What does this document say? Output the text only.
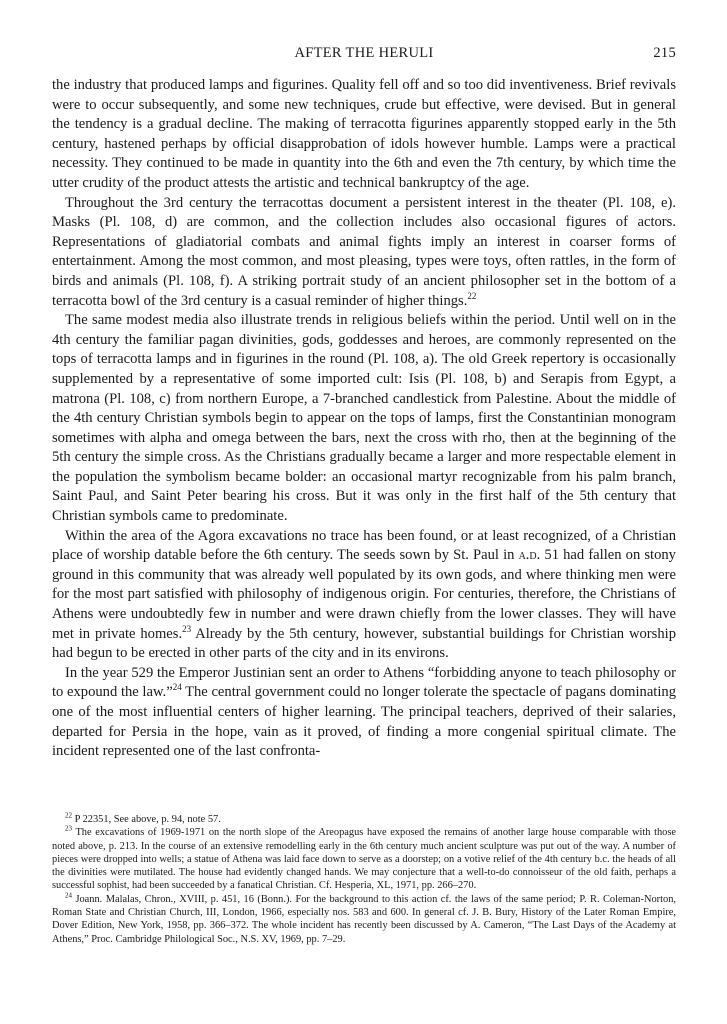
AFTER THE HERULI	215

the industry that produced lamps and figurines. Quality fell off and so too did inventiveness. Brief revivals were to occur subsequently, and some new techniques, crude but effective, were devised. But in general the tendency is a gradual decline. The making of terracotta figurines apparently stopped early in the 5th century, hastened perhaps by official disapprobation of idols however humble. Lamps were a practical necessity. They continued to be made in quantity into the 6th and even the 7th century, by which time the utter crudity of the product attests the artistic and technical bankruptcy of the age.

Throughout the 3rd century the terracottas document a persistent interest in the theater (Pl. 108, e). Masks (Pl. 108, d) are common, and the collection includes also occasional figures of actors. Representations of gladiatorial combats and animal fights imply an interest in coarser forms of entertainment. Among the most common, and most pleasing, types were toys, often rattles, in the form of birds and animals (Pl. 108, f). A striking portrait study of an ancient philosopher set in the bottom of a terracotta bowl of the 3rd century is a casual reminder of higher things.$^{22}$

The same modest media also illustrate trends in religious beliefs within the period. Until well on in the 4th century the familiar pagan divinities, gods, goddesses and heroes, are commonly represented on the tops of terracotta lamps and in figurines in the round (Pl. 108, a). The old Greek repertory is occasionally supplemented by a representative of some imported cult: Isis (Pl. 108, b) and Serapis from Egypt, a matrona (Pl. 108, c) from northern Europe, a 7-branched candlestick from Palestine. About the middle of the 4th century Christian symbols begin to appear on the tops of lamps, first the Constantinian monogram sometimes with alpha and omega between the bars, next the cross with rho, then at the beginning of the 5th century the simple cross. As the Christians gradually became a larger and more respectable element in the population the symbolism became bolder: an occasional martyr recognizable from his palm branch, Saint Paul, and Saint Peter bearing his cross. But it was only in the first half of the 5th century that Christian symbols came to predominate.

Within the area of the Agora excavations no trace has been found, or at least recognized, of a Christian place of worship datable before the 6th century. The seeds sown by St. Paul in a.d. 51 had fallen on stony ground in this community that was already well populated by its own gods, and where thinking men were for the most part satisfied with philosophy of indigenous origin. For centuries, therefore, the Christians of Athens were undoubtedly few in number and were drawn chiefly from the lower classes. They will have met in private homes.$^{23}$ Already by the 5th century, however, substantial buildings for Christian worship had begun to be erected in other parts of the city and in its environs.

In the year 529 the Emperor Justinian sent an order to Athens “forbidding anyone to teach philosophy or to expound the law.”$^{24}$ The central government could no longer tolerate the spectacle of pagans dominating one of the most influential centers of higher learning. The principal teachers, deprived of their salaries, departed for Persia in the hope, vain as it proved, of finding a more congenial spiritual climate. The incident represented one of the last confronta-

$^{22}$ P 22351, See above, p. 94, note 57.

$^{23}$ The excavations of 1969-1971 on the north slope of the Areopagus have exposed the remains of another large house comparable with those noted above, p. 213. In the course of an extensive remodelling early in the 6th century much ancient sculpture was put out of the way. A number of pieces were dropped into wells; a statue of Athena was laid face down to serve as a doorstep; on a votive relief of the 4th century b.c. the heads of all the divinities were mutilated. The house had evidently changed hands. We may conjecture that a well-to-do connoisseur of the old faith, perhaps a successful sophist, had been succeeded by a fanatical Christian. Cf. Hesperia, XL, 1971, pp. 266–270.

$^{24}$ Joann. Malalas, Chron., XVIII, p. 451, 16 (Bonn.). For the background to this action cf. the laws of the same period; P. R. Coleman-Norton, Roman State and Christian Church, III, London, 1966, especially nos. 583 and 600. In general cf. J. B. Bury, History of the Later Roman Empire, Dover Edition, New York, 1958, pp. 366–372. The whole incident has recently been discussed by A. Cameron, “The Last Days of the Academy at Athens,” Proc. Cambridge Philological Soc., N.S. XV, 1969, pp. 7–29.
